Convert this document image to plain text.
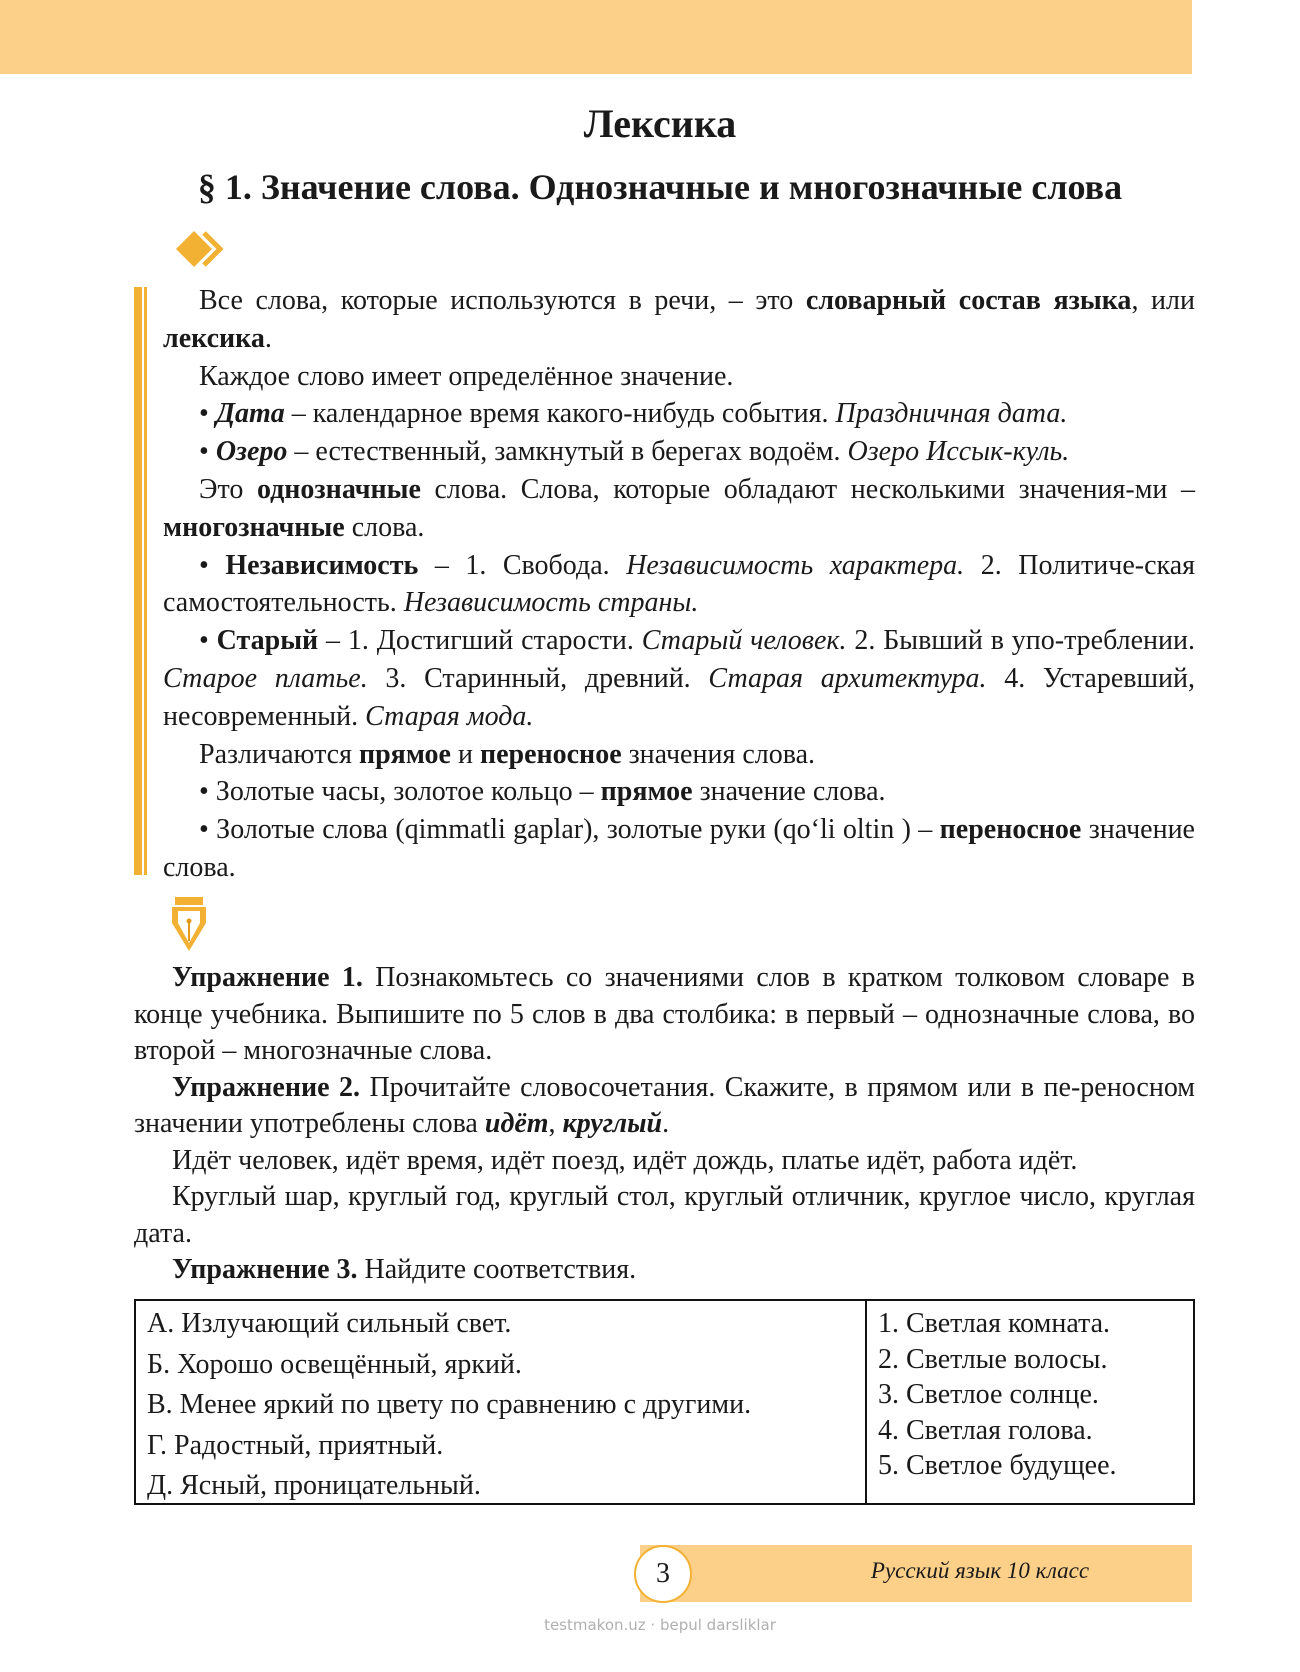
Лексика
§ 1. Значение слова. Однозначные и многозначные слова

Все слова, которые используются в речи, – это словарный состав языка, или лексика.

Каждое слово имеет определённое значение.

• Дата – календарное время какого-нибудь события. Праздничная дата.

• Озеро – естественный, замкнутый в берегах водоём. Озеро Иссык-куль.

Это однозначные слова. Слова, которые обладают несколькими значения-ми – многозначные слова.

• Независимость – 1. Свобода. Независимость характера. 2. Политиче-ская самостоятельность. Независимость страны.

• Старый – 1. Достигший старости. Старый человек. 2. Бывший в упо-треблении. Старое платье. 3. Старинный, древний. Старая архитектура. 4. Устаревший, несовременный. Старая мода.

Различаются прямое и переносное значения слова.

• Золотые часы, золотое кольцо – прямое значение слова.

• Золотые слова (qimmatli gaplar), золотые руки (qo‘li oltin ) – переносное значение слова.

Упражнение 1. Познакомьтесь со значениями слов в кратком толковом словаре в конце учебника. Выпишите по 5 слов в два столбика: в первый – однозначные слова, во второй – многозначные слова.

Упражнение 2. Прочитайте словосочетания. Скажите, в прямом или в пе-реносном значении употреблены слова идёт, круглый.

Идёт человек, идёт время, идёт поезд, идёт дождь, платье идёт, работа идёт.

Круглый шар, круглый год, круглый стол, круглый отличник, круглое число, круглая дата.

Упражнение 3. Найдите соответствия.

А. Излучающий сильный свет.
Б. Хорошо освещённый, яркий.
В. Менее яркий по цвету по сравнению с другими.
Г. Радостный, приятный.
Д. Ясный, проницательный.
1. Светлая комната.
2. Светлые волосы.
3. Светлое солнце.
4. Светлая голова.
5. Светлое будущее.
3	Русский язык 10 класс
testmakon.uz · bepul darsliklar
